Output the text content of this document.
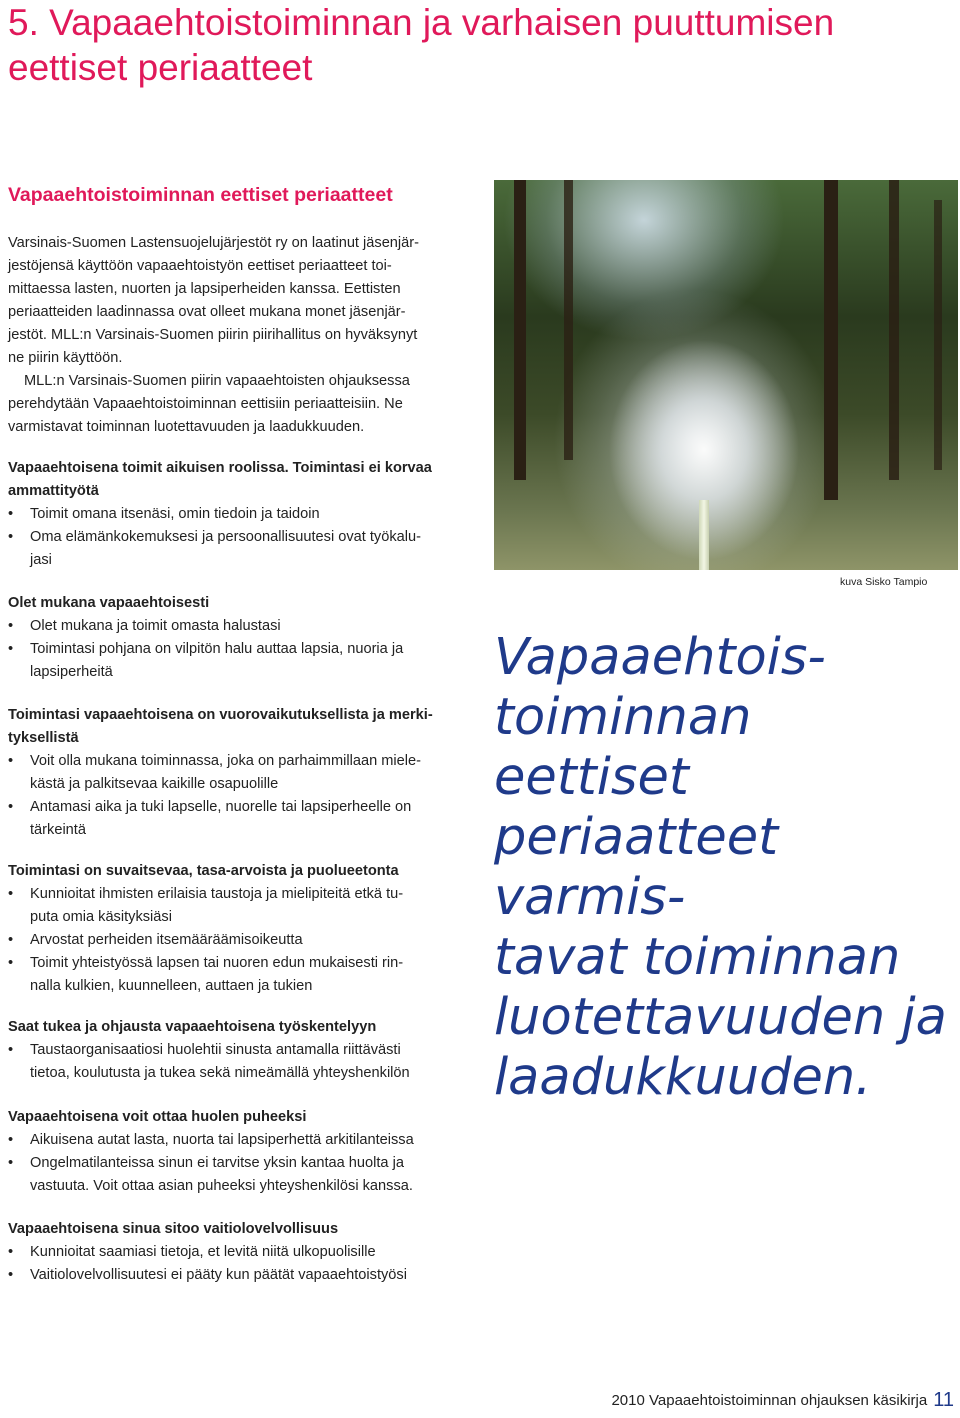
5. Vapaaehtoistoiminnan ja varhaisen puuttumisen
eettiset periaatteet
Vapaaehtoistoiminnan eettiset periaatteet

Varsinais-Suomen Lastensuojelujärjestöt ry on laatinut jäsenjär-
jestöjensä käyttöön vapaaehtoistyön eettiset periaatteet toi-
mittaessa lasten, nuorten ja lapsiperheiden kanssa. Eettisten
periaatteiden laadinnassa ovat olleet mukana monet jäsenjär-
jestöt. MLL:n Varsinais-Suomen piirin piirihallitus on hyväksynyt
ne piirin käyttöön.

MLL:n Varsinais-Suomen piirin vapaaehtoisten ohjauksessa
perehdytään Vapaaehtoistoiminnan eettisiin periaatteisiin. Ne
varmistavat toiminnan luotettavuuden ja laadukkuuden.

Vapaaehtoisena toimit aikuisen roolissa. Toimintasi ei korvaa
ammattityötä

• Toimit omana itsenäsi, omin tiedoin ja taidoin
• Oma elämänkokemuksesi ja persoonallisuutesi ovat työkalu-
jasi

Olet mukana vapaaehtoisesti

• Olet mukana ja toimit omasta halustasi
• Toimintasi pohjana on vilpitön halu auttaa lapsia, nuoria ja
lapsiperheitä

Toimintasi vapaaehtoisena on vuorovaikutuksellista ja merki-
tyksellistä

• Voit olla mukana toiminnassa, joka on parhaimmillaan miele-
kästä ja palkitsevaa kaikille osapuolille
• Antamasi aika ja tuki lapselle, nuorelle tai lapsiperheelle on
tärkeintä

Toimintasi on suvaitsevaa, tasa-arvoista ja puolueetonta

• Kunnioitat ihmisten erilaisia taustoja ja mielipiteitä etkä tu-
puta omia käsityksiäsi
• Arvostat perheiden itsemääräämisoikeutta
• Toimit yhteistyössä lapsen tai nuoren edun mukaisesti rin-
nalla kulkien, kuunnelleen, auttaen ja tukien

Saat tukea ja ohjausta vapaaehtoisena työskentelyyn

• Taustaorganisaatiosi huolehtii sinusta antamalla riittävästi
tietoa, koulutusta ja tukea sekä nimeämällä yhteyshenkilön

Vapaaehtoisena voit ottaa huolen puheeksi

• Aikuisena autat lasta, nuorta tai lapsiperhettä arkitilanteissa
• Ongelmatilanteissa sinun ei tarvitse yksin kantaa huolta ja
vastuuta. Voit ottaa asian puheeksi yhteyshenkilösi kanssa.

Vapaaehtoisena sinua sitoo vaitiolovelvollisuus

• Kunnioitat saamiasi tietoja, et levitä niitä ulkopuolisille
• Vaitiolovelvollisuutesi ei pääty kun päätät vapaaehtoistyösi
kuva Sisko Tampio
Vapaaehtois-
toiminnan eettiset
periaatteet varmis-
tavat toiminnan
luotettavuuden ja
laadukkuuden.
2010 Vapaaehtoistoiminnan ohjauksen käsikirja 11
